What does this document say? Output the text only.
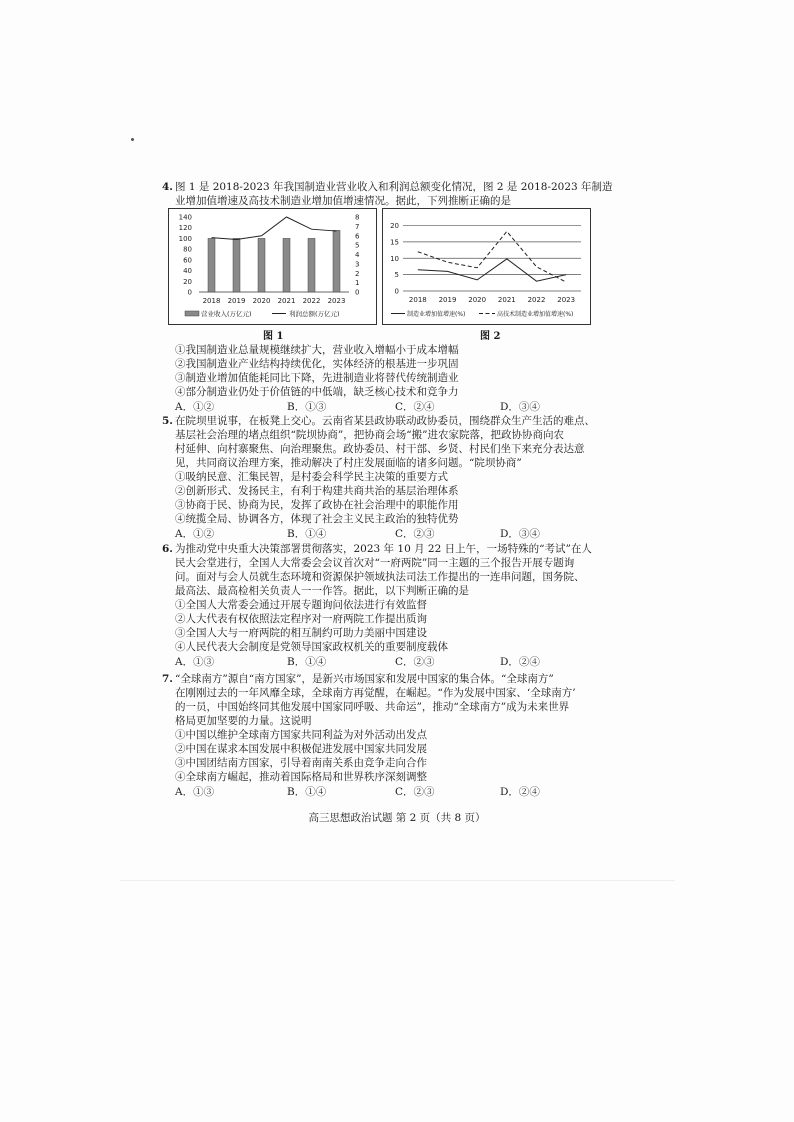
4. 图 1 是 2018-2023 年我国制造业营业收入和利润总额变化情况，图 2 是 2018-2023 年制造
业增加值增速及高技术制造业增加值增速情况。据此，下列推断正确的是
140
120
100
80
60
40
20
0
8
7
6
5
4
3
2
1
0
2018 2019 2020 2021 2022 2023
营业收入(万亿元)	利润总额(万亿元)
图 1
20
15
10
5
0
2018 2019 2020 2021 2022 2023
制造业增加值增速(%)	高技术制造业增加值增速(%)
图 2
①我国制造业总量规模继续扩大，营业收入增幅小于成本增幅
②我国制造业产业结构持续优化，实体经济的根基进一步巩固
③制造业增加值能耗同比下降，先进制造业将替代传统制造业
④部分制造业仍处于价值链的中低端，缺乏核心技术和竞争力
A．①②	B．①③	C．②④	D．③④
5. 在院坝里说事，在板凳上交心。云南省某县政协联动政协委员，围绕群众生产生活的难点、
基层社会治理的堵点组织“院坝协商”，把协商会场“搬”进农家院落，把政协协商向农
村延伸、向村寨聚焦、向治理聚焦。政协委员、村干部、乡贤、村民们坐下来充分表达意
见，共同商议治理方案，推动解决了村庄发展面临的诸多问题。“院坝协商”
①吸纳民意、汇集民智，是村委会科学民主决策的重要方式
②创新形式、发扬民主，有利于构建共商共治的基层治理体系
③协商于民、协商为民，发挥了政协在社会治理中的职能作用
④统揽全局、协调各方，体现了社会主义民主政治的独特优势
A．①②	B．①④	C．②③	D．③④
6. 为推动党中央重大决策部署贯彻落实，2023 年 10 月 22 日上午，一场特殊的“考试”在人
民大会堂进行，全国人大常委会会议首次对“一府两院”同一主题的三个报告开展专题询
问。面对与会人员就生态环境和资源保护领域执法司法工作提出的一连串问题，国务院、
最高法、最高检相关负责人一一作答。据此，以下判断正确的是
①全国人大常委会通过开展专题询问依法进行有效监督
②人大代表有权依照法定程序对一府两院工作提出质询
③全国人大与一府两院的相互制约可助力美丽中国建设
④人民代表大会制度是党领导国家政权机关的重要制度载体
A．①③	B．①④	C．②③	D．②④
7. “全球南方”源自“南方国家”，是新兴市场国家和发展中国家的集合体。“全球南方”
在刚刚过去的一年风靡全球，全球南方再觉醒，在崛起。“作为发展中国家、‘全球南方’
的一员，中国始终同其他发展中国家同呼吸、共命运”，推动“全球南方”成为未来世界
格局更加坚要的力量。这说明
①中国以维护全球南方国家共同利益为对外活动出发点
②中国在谋求本国发展中积极促进发展中国家共同发展
③中国团结南方国家，引导着南南关系由竞争走向合作
④全球南方崛起，推动着国际格局和世界秩序深刻调整
A．①③	B．①④	C．②③	D．②④
高三思想政治试题 第 2 页（共 8 页）
